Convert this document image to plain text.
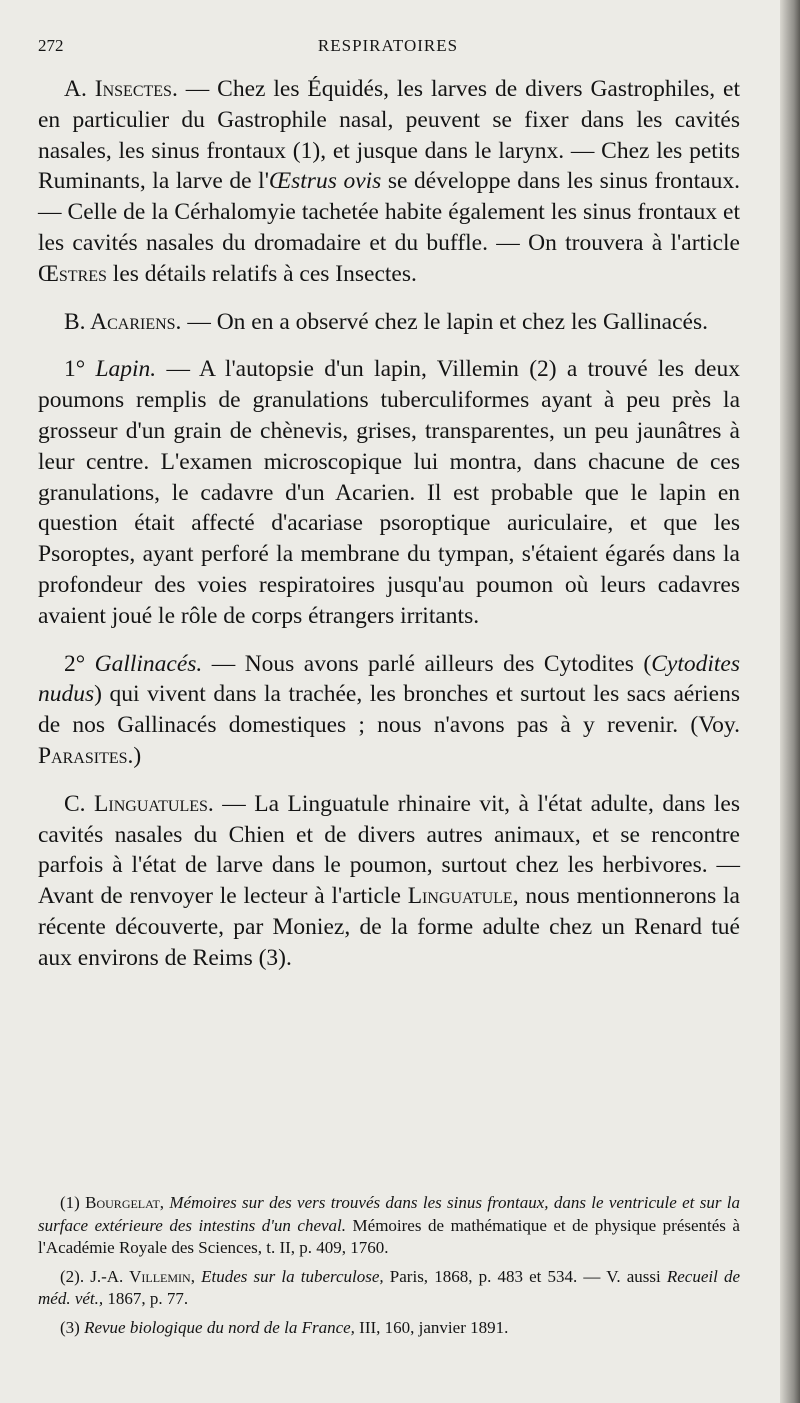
272	RESPIRATOIRES

A. Insectes. — Chez les Équidés, les larves de divers Gastrophiles, et en particulier du Gastrophile nasal, peuvent se fixer dans les cavités nasales, les sinus frontaux (1), et jusque dans le larynx. — Chez les petits Ruminants, la larve de l'Œstrus ovis se développe dans les sinus frontaux. — Celle de la Cérhalomyie tachetée habite également les sinus frontaux et les cavités nasales du dromadaire et du buffle. — On trouvera à l'article Œstres les détails relatifs à ces Insectes.

B. Acariens. — On en a observé chez le lapin et chez les Gallinacés.

1° Lapin. — A l'autopsie d'un lapin, Villemin (2) a trouvé les deux poumons remplis de granulations tuberculiformes ayant à peu près la grosseur d'un grain de chènevis, grises, transparentes, un peu jaunâtres à leur centre. L'examen microscopique lui montra, dans chacune de ces granulations, le cadavre d'un Acarien. Il est probable que le lapin en question était affecté d'acariase psoroptique auriculaire, et que les Psoroptes, ayant perforé la membrane du tympan, s'étaient égarés dans la profondeur des voies respiratoires jusqu'au poumon où leurs cadavres avaient joué le rôle de corps étrangers irritants.

2° Gallinacés. — Nous avons parlé ailleurs des Cytodites (Cytodites nudus) qui vivent dans la trachée, les bronches et surtout les sacs aériens de nos Gallinacés domestiques ; nous n'avons pas à y revenir. (Voy. Parasites.)

C. Linguatules. — La Linguatule rhinaire vit, à l'état adulte, dans les cavités nasales du Chien et de divers autres animaux, et se rencontre parfois à l'état de larve dans le poumon, surtout chez les herbivores. — Avant de renvoyer le lecteur à l'article Linguatule, nous mentionnerons la récente découverte, par Moniez, de la forme adulte chez un Renard tué aux environs de Reims (3).

(1) Bourgelat, Mémoires sur des vers trouvés dans les sinus frontaux, dans le ventricule et sur la surface extérieure des intestins d'un cheval. Mémoires de mathématique et de physique présentés à l'Académie Royale des Sciences, t. II, p. 409, 1760.

(2). J.-A. Villemin, Etudes sur la tuberculose, Paris, 1868, p. 483 et 534. — V. aussi Recueil de méd. vét., 1867, p. 77.

(3) Revue biologique du nord de la France, III, 160, janvier 1891.
